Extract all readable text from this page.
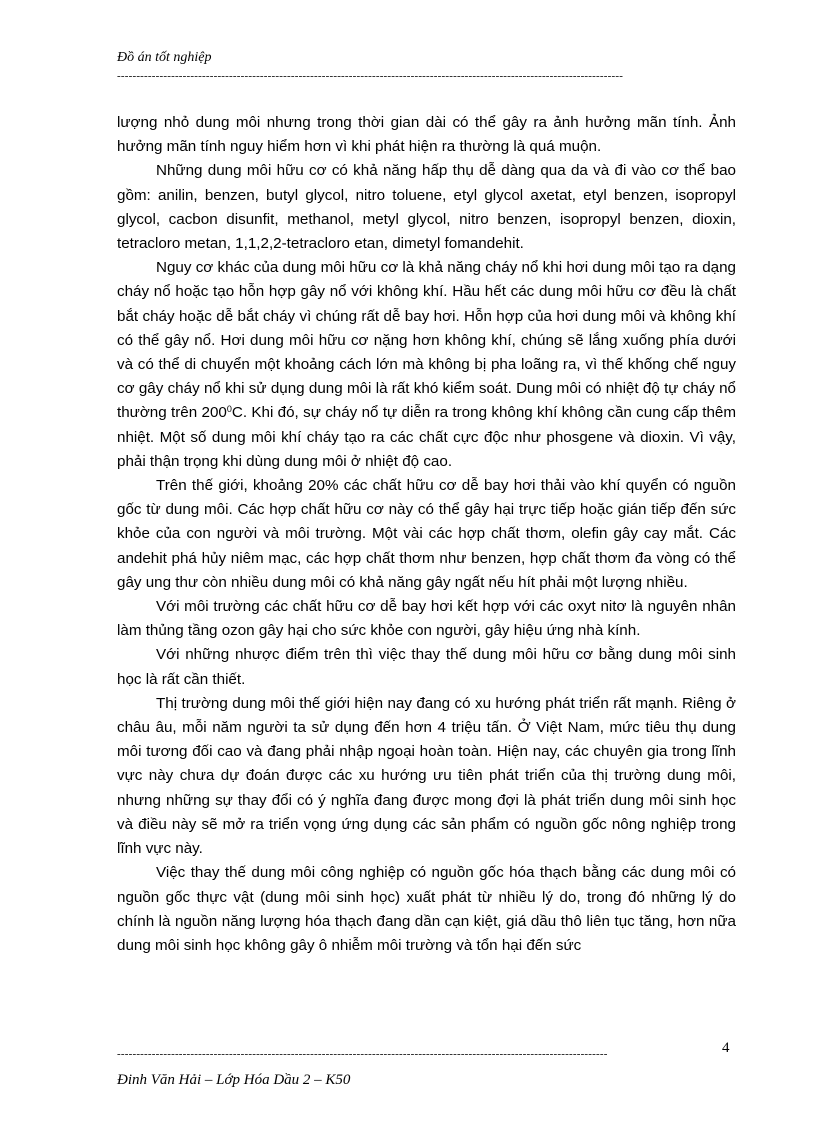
Đồ án tốt nghiệp
-----------------------------------------------------------------------------------------------------------------------------------

lượng nhỏ dung môi nhưng trong thời gian dài có thể gây ra ảnh hưởng mãn tính. Ảnh hưởng mãn tính nguy hiểm hơn vì khi phát hiện ra thường là quá muộn.

Những dung môi hữu cơ có khả năng hấp thụ dễ dàng qua da và đi vào cơ thể bao gồm: anilin, benzen, butyl glycol, nitro toluene, etyl glycol axetat, etyl benzen, isopropyl glycol, cacbon disunfit, methanol, metyl glycol, nitro benzen, isopropyl benzen, dioxin, tetracloro metan, 1,1,2,2-tetracloro etan, dimetyl fomandehit.

Nguy cơ khác của dung môi hữu cơ là khả năng cháy nổ khi hơi dung môi tạo ra dạng cháy nổ hoặc tạo hỗn hợp gây nổ với không khí. Hầu hết các dung môi hữu cơ đều là chất bắt cháy hoặc dễ bắt cháy vì chúng rất dễ bay hơi. Hỗn hợp của hơi dung môi và không khí có thể gây nổ. Hơi dung môi hữu cơ nặng hơn không khí, chúng sẽ lắng xuống phía dưới và có thể di chuyển một khoảng cách lớn mà không bị pha loãng ra, vì thế khống chế nguy cơ gây cháy nổ khi sử dụng dung môi là rất khó kiểm soát. Dung môi có nhiệt độ tự cháy nổ thường trên $200^0C$. Khi đó, sự cháy nổ tự diễn ra trong không khí không cần cung cấp thêm nhiệt. Một số dung môi khí cháy tạo ra các chất cực độc như phosgene và dioxin. Vì vậy, phải thận trọng khi dùng dung môi ở nhiệt độ cao.

Trên thế giới, khoảng 20% các chất hữu cơ dễ bay hơi thải vào khí quyển có nguồn gốc từ dung môi. Các hợp chất hữu cơ này có thể gây hại trực tiếp hoặc gián tiếp đến sức khỏe của con người và môi trường. Một vài các hợp chất thơm, olefin gây cay mắt. Các andehit phá hủy niêm mạc, các hợp chất thơm như benzen, hợp chất thơm đa vòng có thể gây ung thư còn nhiều dung môi có khả năng gây ngất nếu hít phải một lượng nhiều.

Với môi trường các chất hữu cơ dễ bay hơi kết hợp với các oxyt nitơ là nguyên nhân làm thủng tầng ozon gây hại cho sức khỏe con người, gây hiệu ứng nhà kính.

Với những nhược điểm trên thì việc thay thế dung môi hữu cơ bằng dung môi sinh học là rất cần thiết.

Thị trường dung môi thế giới hiện nay đang có xu hướng phát triển rất mạnh. Riêng ở châu âu, mỗi năm người ta sử dụng đến hơn 4 triệu tấn. Ở Việt Nam, mức tiêu thụ dung môi tương đối cao và đang phải nhập ngoại hoàn toàn. Hiện nay, các chuyên gia trong lĩnh vực này chưa dự đoán được các xu hướng ưu tiên phát triển của thị trường dung môi, nhưng những sự thay đổi có ý nghĩa đang được mong đợi là phát triển dung môi sinh học và điều này sẽ mở ra triển vọng ứng dụng các sản phẩm có nguồn gốc nông nghiệp trong lĩnh vực này.

Việc thay thế dung môi công nghiệp có nguồn gốc hóa thạch bằng các dung môi có nguồn gốc thực vật (dung môi sinh học) xuất phát từ nhiều lý do, trong đó những lý do chính là nguồn năng lượng hóa thạch đang dần cạn kiệt, giá dầu thô liên tục tăng, hơn nữa dung môi sinh học không gây ô nhiễm môi trường và tổn hại đến sức

-------------------------------------------------------------------------------------------------------------------------------	4
Đinh Văn Hải – Lớp Hóa Dầu 2 – K50
